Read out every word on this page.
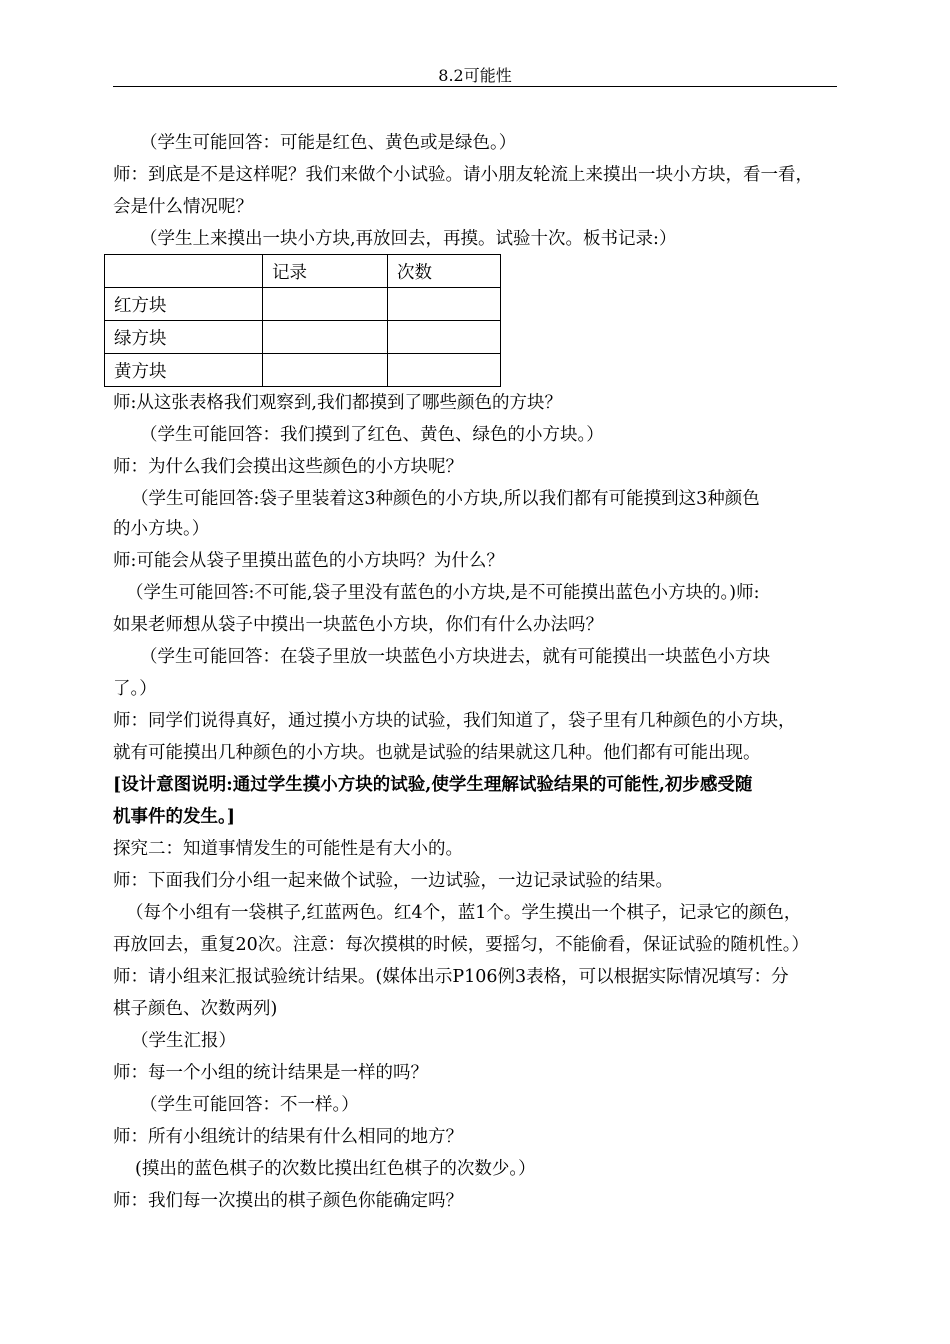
8.2可能性
（学生可能回答：可能是红色、黄色或是绿色。）
师：到底是不是这样呢？我们来做个小试验。请小朋友轮流上来摸出一块小方块，看一看，
会是什么情况呢？
（学生上来摸出一块小方块,再放回去，再摸。试验十次。板书记录:）
	记录	次数
红方块		
绿方块		
黄方块		
师:从这张表格我们观察到,我们都摸到了哪些颜色的方块？
（学生可能回答：我们摸到了红色、黄色、绿色的小方块。）
师：为什么我们会摸出这些颜色的小方块呢？
（学生可能回答:袋子里装着这3种颜色的小方块,所以我们都有可能摸到这3种颜色
的小方块。）
师:可能会从袋子里摸出蓝色的小方块吗？为什么？
（学生可能回答:不可能,袋子里没有蓝色的小方块,是不可能摸出蓝色小方块的。)师:
如果老师想从袋子中摸出一块蓝色小方块，你们有什么办法吗？
（学生可能回答：在袋子里放一块蓝色小方块进去，就有可能摸出一块蓝色小方块
了。）
师：同学们说得真好，通过摸小方块的试验，我们知道了，袋子里有几种颜色的小方块，
就有可能摸出几种颜色的小方块。也就是试验的结果就这几种。他们都有可能出现。
[设计意图说明:通过学生摸小方块的试验,使学生理解试验结果的可能性,初步感受随
机事件的发生。]
探究二：知道事情发生的可能性是有大小的。
师：下面我们分小组一起来做个试验，一边试验，一边记录试验的结果。
（每个小组有一袋棋子,红蓝两色。红4个，蓝1个。学生摸出一个棋子，记录它的颜色，
再放回去，重复20次。注意：每次摸棋的时候，要摇匀，不能偷看，保证试验的随机性。）
师：请小组来汇报试验统计结果。(媒体出示P106例3表格，可以根据实际情况填写：分
棋子颜色、次数两列)
（学生汇报）
师：每一个小组的统计结果是一样的吗？
（学生可能回答：不一样。）
师：所有小组统计的结果有什么相同的地方？
(摸出的蓝色棋子的次数比摸出红色棋子的次数少。）
师：我们每一次摸出的棋子颜色你能确定吗？
